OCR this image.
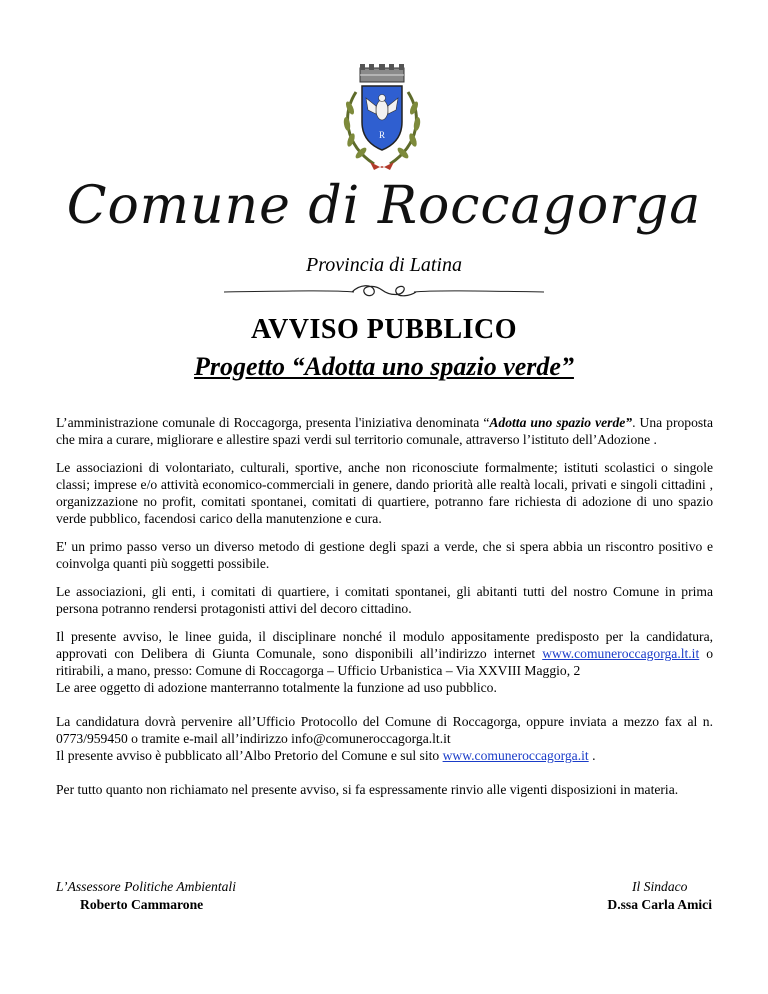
R
Comune di Roccagorga
Provincia di Latina
AVVISO PUBBLICO
Progetto “Adotta uno spazio verde”

L’amministrazione comunale di Roccagorga, presenta l'iniziativa denominata “Adotta uno spazio verde”. Una proposta che mira a curare, migliorare e allestire spazi verdi sul territorio comunale, attraverso l’istituto dell’Adozione .

Le associazioni di volontariato, culturali, sportive, anche non riconosciute formalmente; istituti scolastici o singole classi; imprese e/o attività economico-commerciali in genere, dando priorità alle realtà locali, privati e singoli cittadini , organizzazione no profit, comitati spontanei, comitati di quartiere, potranno fare richiesta di adozione di uno spazio verde pubblico, facendosi carico della manutenzione e cura.

E' un primo passo verso un diverso metodo di gestione degli spazi a verde, che si spera abbia un riscontro positivo e coinvolga quanti più soggetti possibile.

Le associazioni, gli enti, i comitati di quartiere, i comitati spontanei, gli abitanti tutti del nostro Comune in prima persona potranno rendersi protagonisti attivi del decoro cittadino.

Il presente avviso, le linee guida, il disciplinare nonché il modulo appositamente predisposto per la candidatura, approvati con Delibera di Giunta Comunale, sono disponibili all’indirizzo internet www.comuneroccagorga.lt.it o ritirabili, a mano, presso: Comune di Roccagorga – Ufficio Urbanistica – Via XXVIII Maggio, 2

Le aree oggetto di adozione manterranno totalmente la funzione ad uso pubblico.

La candidatura dovrà pervenire all’Ufficio Protocollo del Comune di Roccagorga, oppure inviata a mezzo fax al n. 0773/959450 o tramite e-mail all’indirizzo info@comuneroccagorga.lt.it

Il presente avviso è pubblicato all’Albo Pretorio del Comune e sul sito www.comuneroccagorga.it .

Per tutto quanto non richiamato nel presente avviso, si fa espressamente rinvio alle vigenti disposizioni in materia.

L’Assessore Politiche Ambientali
Roberto Cammarone
Il Sindaco
D.ssa Carla Amici
